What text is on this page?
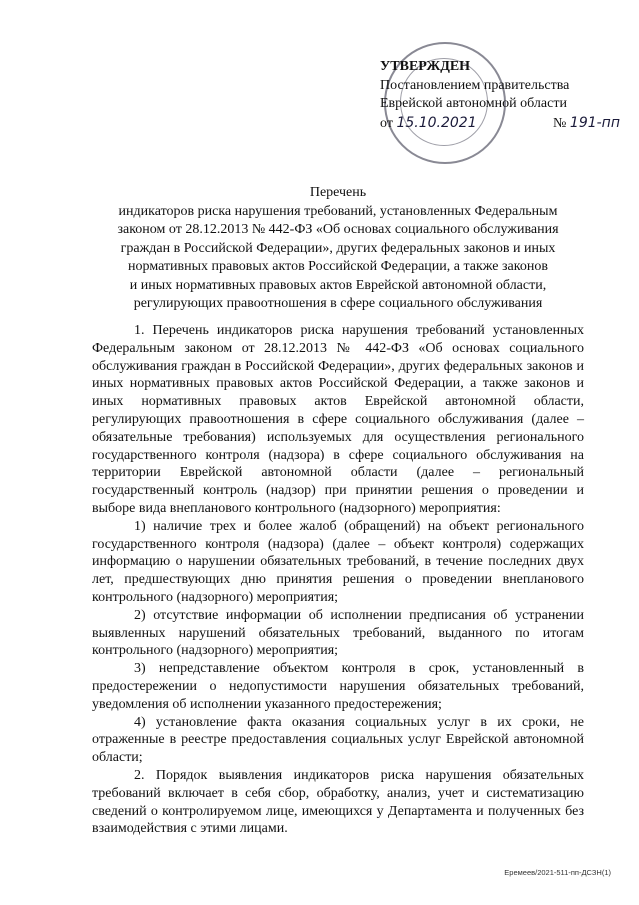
УТВЕРЖДЕН
Постановлением правительства
Еврейской автономной области
от 15.10.2021	№ 191-пп
Перечень
индикаторов риска нарушения требований, установленных Федеральным
законом от 28.12.2013 № 442-ФЗ «Об основах социального обслуживания
граждан в Российской Федерации», других федеральных законов и иных
нормативных правовых актов Российской Федерации, а также законов
и иных нормативных правовых актов Еврейской автономной области,
регулирующих правоотношения в сфере социального обслуживания

1. Перечень индикаторов риска нарушения требований установленных Федеральным законом от 28.12.2013 № 442-ФЗ «Об основах социального обслуживания граждан в Российской Федерации», других федеральных законов и иных нормативных правовых актов Российской Федерации, а также законов и иных нормативных правовых актов Еврейской автономной области, регулирующих правоотношения в сфере социального обслуживания (далее – обязательные требования) используемых для осуществления регионального государственного контроля (надзора) в сфере социального обслуживания на территории Еврейской автономной области (далее – региональный государственный контроль (надзор) при принятии решения о проведении и выборе вида внепланового контрольного (надзорного) мероприятия:

1) наличие трех и более жалоб (обращений) на объект регионального государственного контроля (надзора) (далее – объект контроля) содержащих информацию о нарушении обязательных требований, в течение последних двух лет, предшествующих дню принятия решения о проведении внепланового контрольного (надзорного) мероприятия;

2) отсутствие информации об исполнении предписания об устранении выявленных нарушений обязательных требований, выданного по итогам контрольного (надзорного) мероприятия;

3) непредставление объектом контроля в срок, установленный в предостережении о недопустимости нарушения обязательных требований, уведомления об исполнении указанного предостережения;

4) установление факта оказания социальных услуг в их сроки, не отраженные в реестре предоставления социальных услуг Еврейской автономной области;

2. Порядок выявления индикаторов риска нарушения обязательных требований включает в себя сбор, обработку, анализ, учет и систематизацию сведений о контролируемом лице, имеющихся у Департамента и полученных без взаимодействия с этими лицами.

Еремеев/2021-511-пп-ДСЗН(1)
